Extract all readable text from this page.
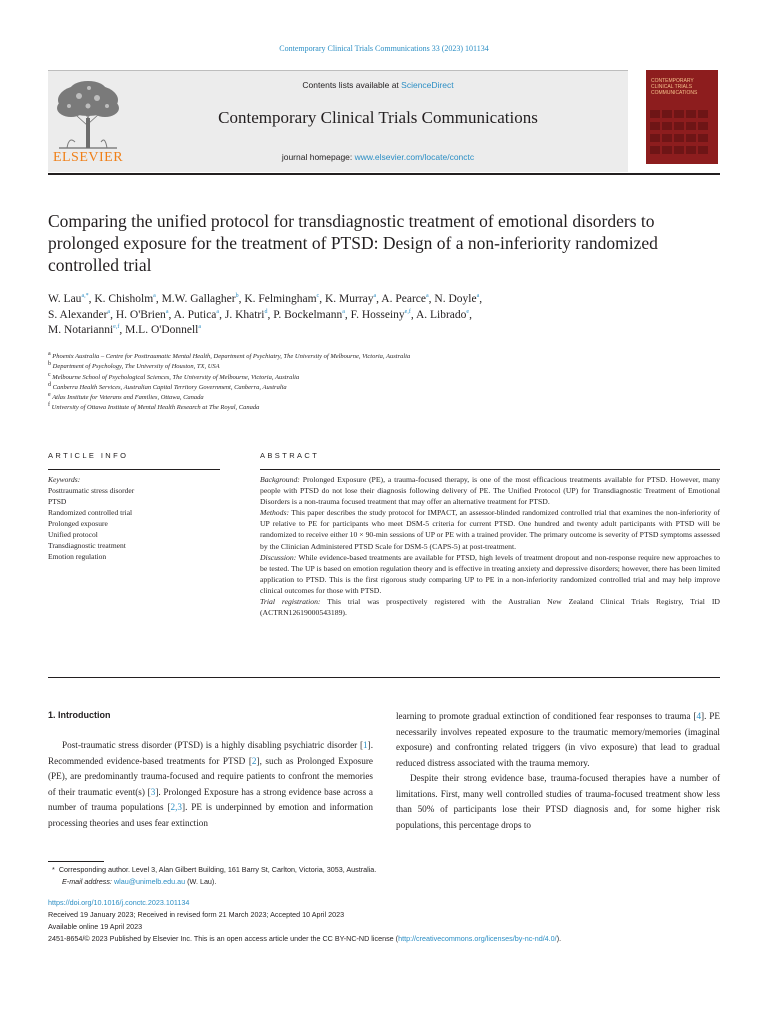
Contemporary Clinical Trials Communications 33 (2023) 101134
ELSEVIER
Contents lists available at ScienceDirect
Contemporary Clinical Trials Communications
journal homepage: www.elsevier.com/locate/conctc
CONTEMPORARY
CLINICAL TRIALS
COMMUNICATIONS
Comparing the unified protocol for transdiagnostic treatment of emotional disorders to prolonged exposure for the treatment of PTSD: Design of a non-inferiority randomized controlled trial
W. Lau$^{a,*}$, K. Chisholm$^a$, M.W. Gallagher$^b$, K. Felmingham$^c$, K. Murray$^a$, A. Pearce$^a$, N. Doyle$^a$,
S. Alexander$^a$, H. O'Brien$^a$, A. Putica$^a$, J. Khatri$^d$, P. Bockelmann$^a$, F. Hosseiny$^{e,f}$, A. Librado$^e$,
M. Notarianni$^{e,f}$, M.L. O'Donnell$^a$
$^a$ Phoenix Australia – Centre for Posttraumatic Mental Health, Department of Psychiatry, The University of Melbourne, Victoria, Australia
$^b$ Department of Psychology, The University of Houston, TX, USA
$^c$ Melbourne School of Psychological Sciences, The University of Melbourne, Victoria, Australia
$^d$ Canberra Health Services, Australian Capital Territory Government, Canberra, Australia
$^e$ Atlas Institute for Veterans and Families, Ottawa, Canada
$^f$ University of Ottawa Institute of Mental Health Research at The Royal, Canada
ARTICLE INFO	ABSTRACT
Keywords:
Posttraumatic stress disorder
PTSD
Randomized controlled trial
Prolonged exposure
Unified protocol
Transdiagnostic treatment
Emotion regulation

Background: Prolonged Exposure (PE), a trauma-focused therapy, is one of the most efficacious treatments available for PTSD. However, many people with PTSD do not lose their diagnosis following delivery of PE. The Unified Protocol (UP) for Transdiagnostic Treatment of Emotional Disorders is a non-trauma focused treatment that may offer an alternative treatment for PTSD.

Methods: This paper describes the study protocol for IMPACT, an assessor-blinded randomized controlled trial that examines the non-inferiority of UP relative to PE for participants who meet DSM-5 criteria for current PTSD. One hundred and twenty adult participants with PTSD will be randomized to receive either 10 × 90-min sessions of UP or PE with a trained provider. The primary outcome is severity of PTSD symptoms assessed by the Clinician Administered PTSD Scale for DSM-5 (CAPS-5) at post-treatment.

Discussion: While evidence-based treatments are available for PTSD, high levels of treatment dropout and non-response require new approaches to be tested. The UP is based on emotion regulation theory and is effective in treating anxiety and depressive disorders; however, there has been limited application to PTSD. This is the first rigorous study comparing UP to PE in a non-inferiority randomized controlled trial and may help improve clinical outcomes for those with PTSD.

Trial registration: This trial was prospectively registered with the Australian New Zealand Clinical Trials Registry, Trial ID (ACTRN12619000543189).

1. Introduction

Post-traumatic stress disorder (PTSD) is a highly disabling psychiatric disorder [1]. Recommended evidence-based treatments for PTSD [2], such as Prolonged Exposure (PE), are predominantly trauma-focused and require patients to confront the memories of their traumatic event(s) [3]. Prolonged Exposure has a strong evidence base across a number of trauma populations [2,3]. PE is underpinned by emotion and information processing theories and uses fear extinction

learning to promote gradual extinction of conditioned fear responses to trauma [4]. PE necessarily involves repeated exposure to the traumatic memory/memories (imaginal exposure) and confronting related triggers (in vivo exposure) that lead to gradual reduced distress associated with the trauma memory.

Despite their strong evidence base, trauma-focused therapies have a number of limitations. First, many well controlled studies of trauma-focused treatment show less than 50% of participants lose their PTSD diagnosis and, for some higher risk populations, this percentage drops to

* Corresponding author. Level 3, Alan Gilbert Building, 161 Barry St, Carlton, Victoria, 3053, Australia.
E-mail address: wlau@unimelb.edu.au (W. Lau).
https://doi.org/10.1016/j.conctc.2023.101134
Received 19 January 2023; Received in revised form 21 March 2023; Accepted 10 April 2023
Available online 19 April 2023
2451-8654/© 2023 Published by Elsevier Inc. This is an open access article under the CC BY-NC-ND license (http://creativecommons.org/licenses/by-nc-nd/4.0/).
